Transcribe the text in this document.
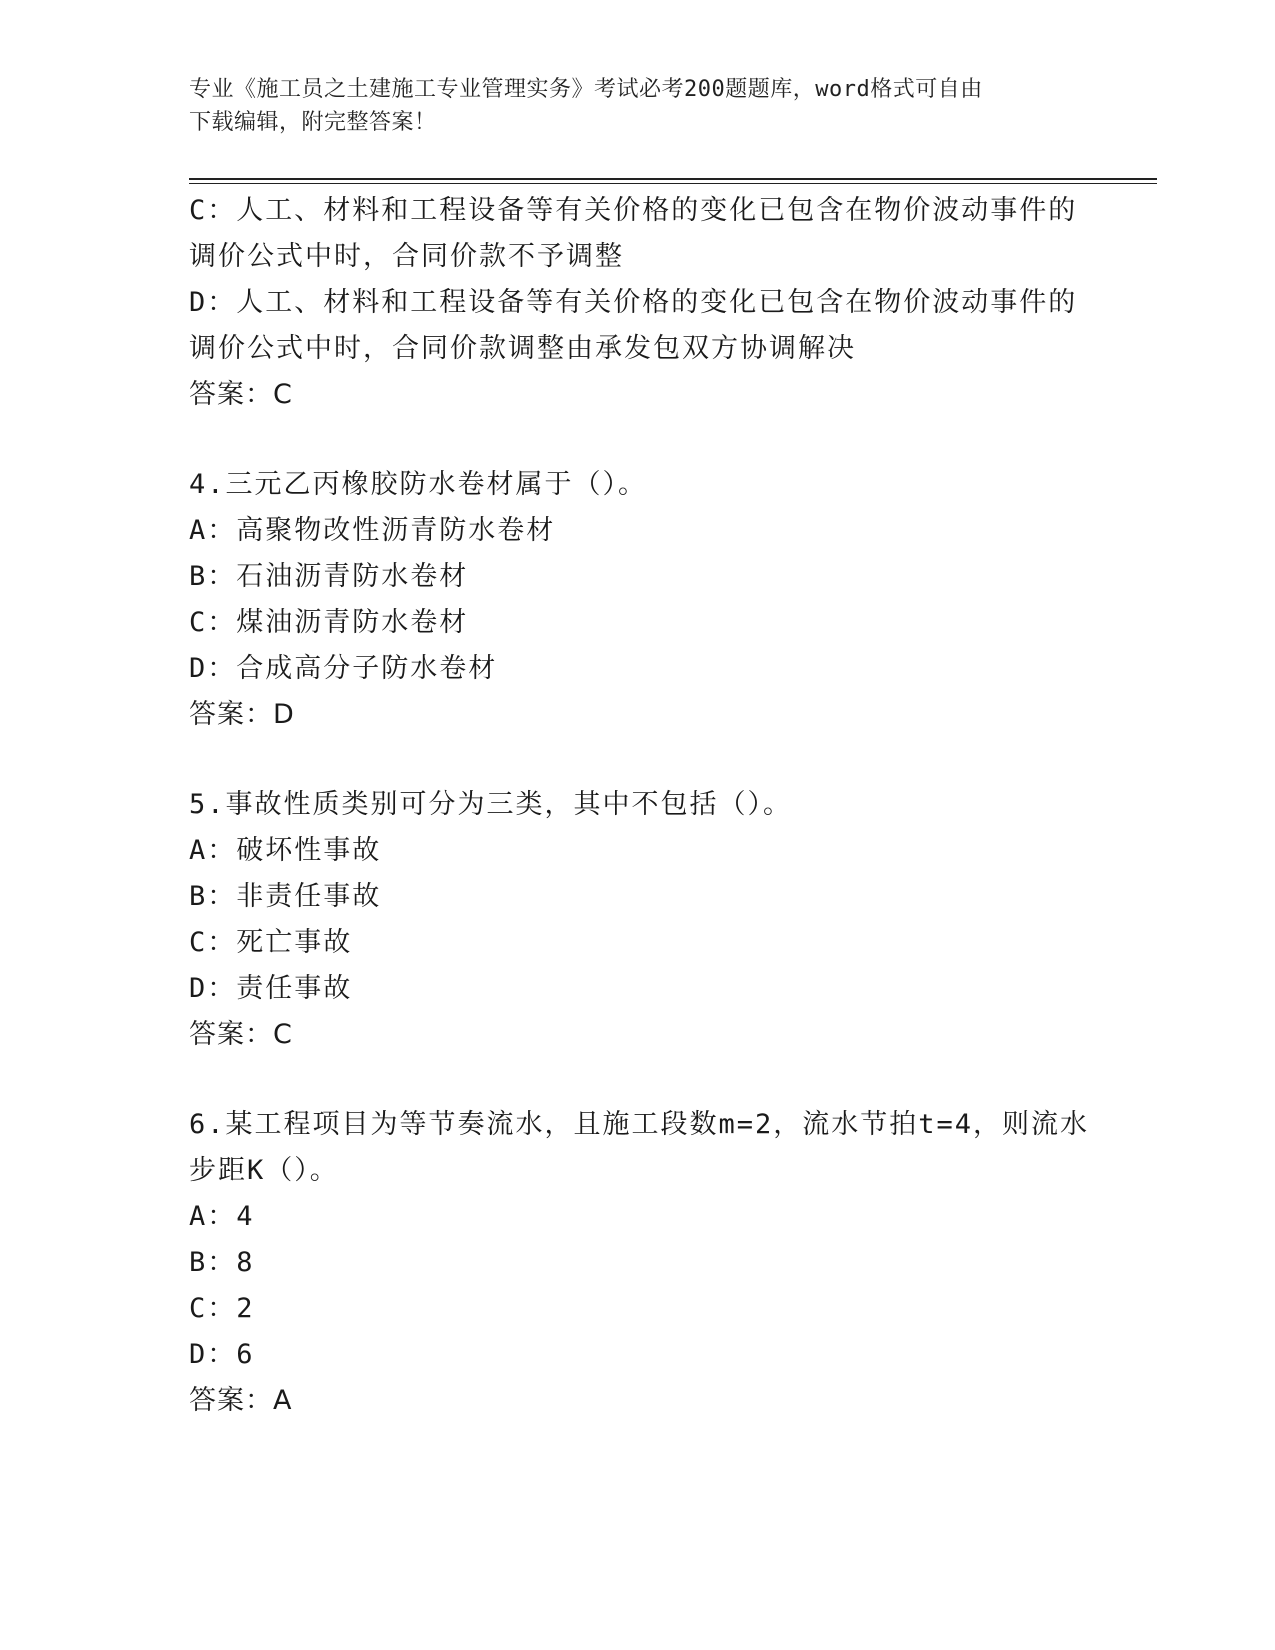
专业《施工员之土建施工专业管理实务》考试必考200题题库，word格式可自由
下载编辑，附完整答案！
C：人工、材料和工程设备等有关价格的变化已包含在物价波动事件的
调价公式中时，合同价款不予调整
D：人工、材料和工程设备等有关价格的变化已包含在物价波动事件的
调价公式中时，合同价款调整由承发包双方协调解决
答案：C
4.三元乙丙橡胶防水卷材属于（）。
A：高聚物改性沥青防水卷材
B：石油沥青防水卷材
C：煤油沥青防水卷材
D：合成高分子防水卷材
答案：D
5.事故性质类别可分为三类，其中不包括（）。
A：破坏性事故
B：非责任事故
C：死亡事故
D：责任事故
答案：C
6.某工程项目为等节奏流水，且施工段数m=2，流水节拍t=4，则流水
步距K（）。
A：4
B：8
C：2
D：6
答案：A
